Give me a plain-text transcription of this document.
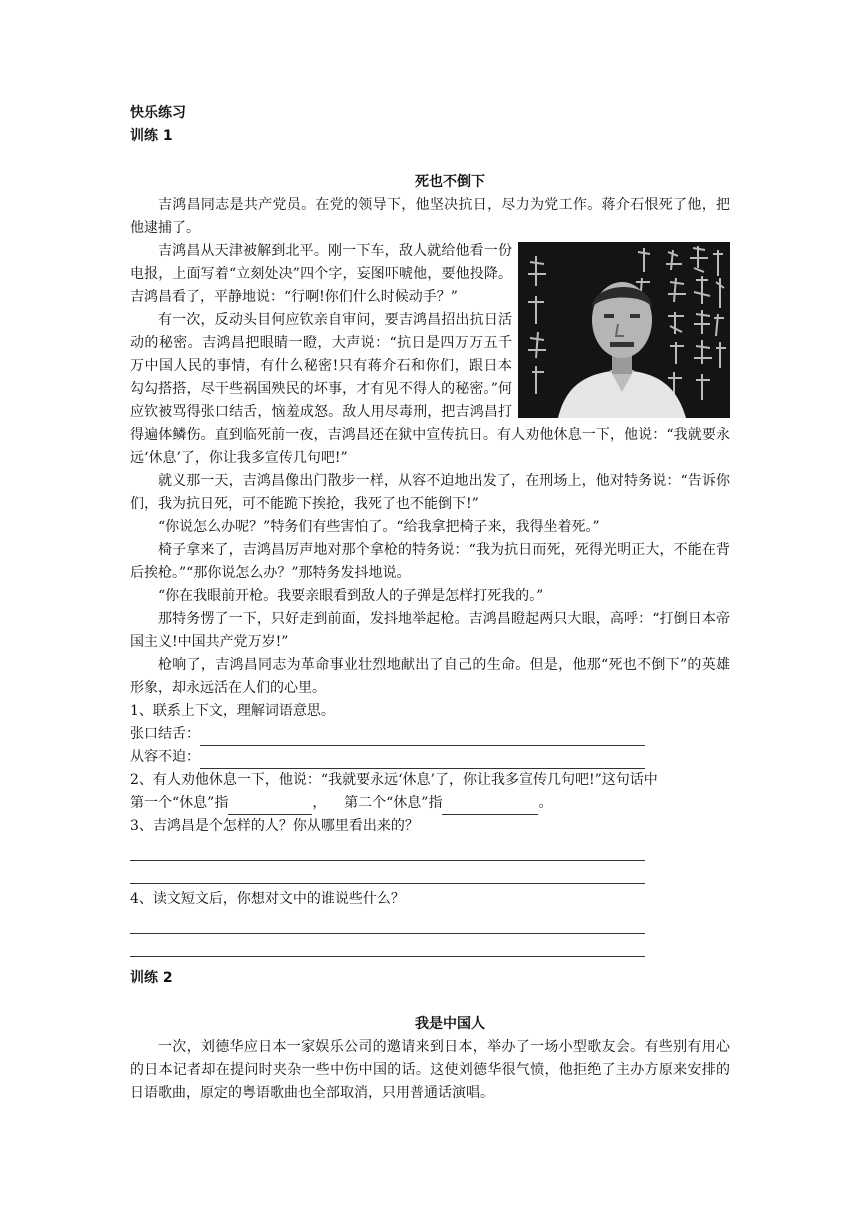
快乐练习

训练 1

死也不倒下

吉鸿昌同志是共产党员。在党的领导下，他坚决抗日，尽力为党工作。蒋介石恨死了他，把他逮捕了。

吉鸿昌从天津被解到北平。刚一下车，敌人就给他看一份电报，上面写着“立刻处决”四个字，妄图吓唬他，要他投降。吉鸿昌看了，平静地说：“行啊!你们什么时候动手？”

有一次，反动头目何应钦亲自审问，要吉鸿昌招出抗日活动的秘密。吉鸿昌把眼睛一瞪，大声说：“抗日是四万万五千万中国人民的事情，有什么秘密!只有蒋介石和你们，跟日本勾勾搭搭，尽干些祸国殃民的坏事，才有见不得人的秘密。”何应钦被骂得张口结舌，恼羞成怒。敌人用尽毒刑，把吉鸿昌打得遍体鳞伤。直到临死前一夜，吉鸿昌还在狱中宣传抗日。有人劝他休息一下，他说：“我就要永远‘休息’了，你让我多宣传几句吧!”

就义那一天，吉鸿昌像出门散步一样，从容不迫地出发了，在刑场上，他对特务说：“告诉你们，我为抗日死，可不能跪下挨抢，我死了也不能倒下!”

“你说怎么办呢？”特务们有些害怕了。“给我拿把椅子来，我得坐着死。”

椅子拿来了，吉鸿昌厉声地对那个拿枪的特务说：“我为抗日而死，死得光明正大，不能在背后挨枪。”“那你说怎么办？”那特务发抖地说。

“你在我眼前开枪。我要亲眼看到敌人的子弹是怎样打死我的。”

那特务愣了一下，只好走到前面，发抖地举起枪。吉鸿昌瞪起两只大眼，高呼：“打倒日本帝国主义!中国共产党万岁!”

枪响了，吉鸿昌同志为革命事业壮烈地献出了自己的生命。但是，他那“死也不倒下”的英雄形象，却永远活在人们的心里。

1、联系上下文，理解词语意思。

张口结舌：

从容不迫：

2、有人劝他休息一下，他说：“我就要永远‘休息’了，你让我多宣传几句吧!”这句话中

第一个“休息”指	，    第二个“休息”指	。

3、吉鸿昌是个怎样的人？你从哪里看出来的？

4、读文短文后，你想对文中的谁说些什么？

训练 2

我是中国人

一次，刘德华应日本一家娱乐公司的邀请来到日本，举办了一场小型歌友会。有些别有用心的日本记者却在提问时夹杂一些中伤中国的话。这使刘德华很气愤，他拒绝了主办方原来安排的日语歌曲，原定的粤语歌曲也全部取消，只用普通话演唱。
